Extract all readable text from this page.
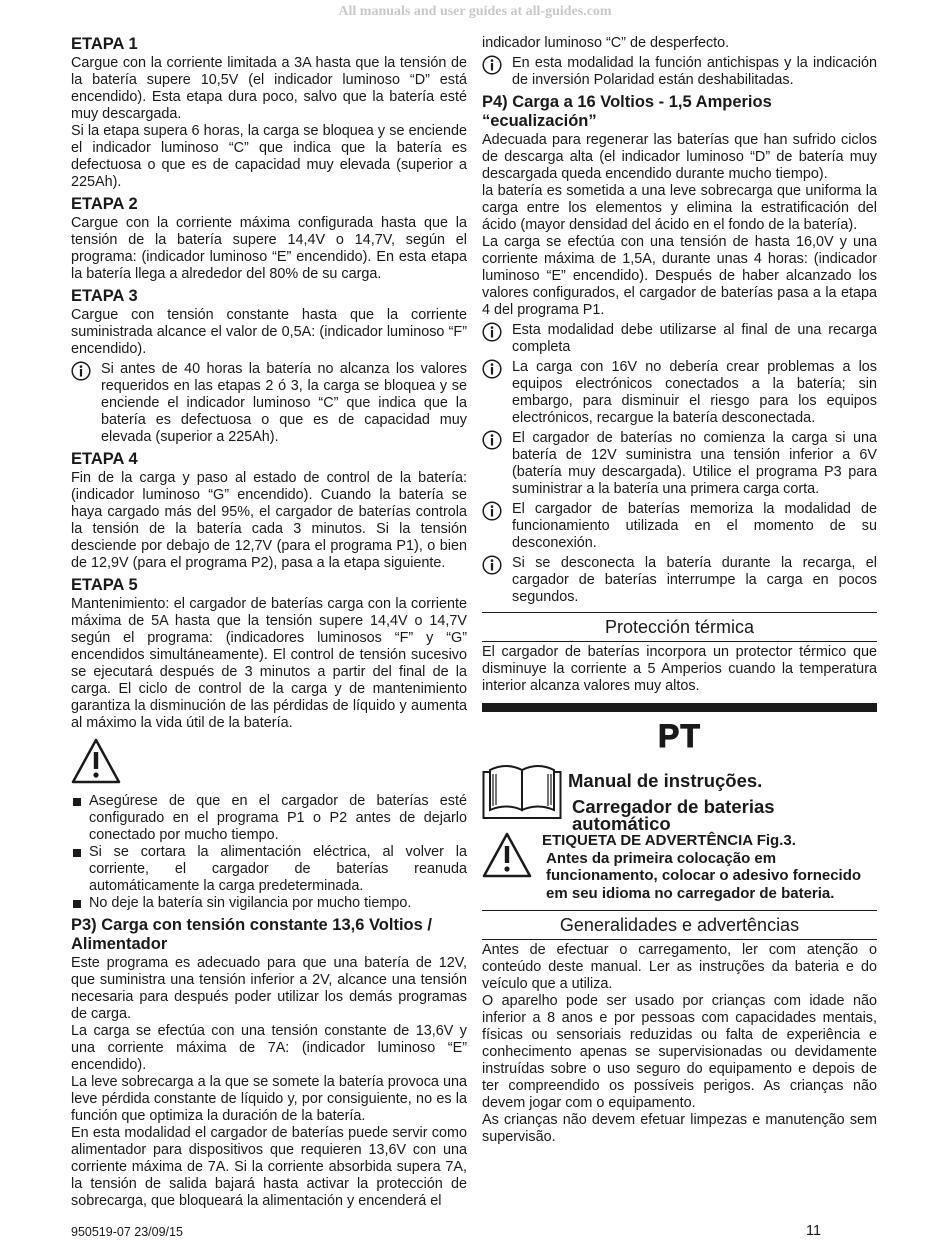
All manuals and user guides at all-guides.com
ETAPA 1

Cargue con la corriente limitada a 3A hasta que la tensión de la batería supere 10,5V (el indicador luminoso “D” está encendido). Esta etapa dura poco, salvo que la batería esté muy descargada.

Si la etapa supera 6 horas, la carga se bloquea y se enciende el indicador luminoso “C” que indica que la batería es defectuosa o que es de capacidad muy elevada (superior a 225Ah).

ETAPA 2

Cargue con la corriente máxima configurada hasta que la tensión de la batería supere 14,4V o 14,7V, según el programa: (indicador luminoso “E” encendido). En esta etapa la batería llega a alrededor del 80% de su carga.

ETAPA 3

Cargue con tensión constante hasta que la corriente suministrada alcance el valor de 0,5A: (indicador luminoso “F” encendido).

Si antes de 40 horas la batería no alcanza los valores requeridos en las etapas 2 ó 3, la carga se bloquea y se enciende el indicador luminoso “C” que indica que la batería es defectuosa o que es de capacidad muy elevada (superior a 225Ah).
ETAPA 4

Fin de la carga y paso al estado de control de la batería: (indicador luminoso “G” encendido). Cuando la batería se haya cargado más del 95%, el cargador de baterías controla la tensión de la batería cada 3 minutos. Si la tensión desciende por debajo de 12,7V (para el programa P1), o bien de 12,9V (para el programa P2), pasa a la etapa siguiente.

ETAPA 5

Mantenimiento: el cargador de baterías carga con la corriente máxima de 5A hasta que la tensión supere 14,4V o 14,7V según el programa: (indicadores luminosos “F” y “G” encendidos simultáneamente). El control de tensión sucesivo se ejecutará después de 3 minutos a partir del final de la carga. El ciclo de control de la carga y de mantenimiento garantiza la disminución de las pérdidas de líquido y aumenta al máximo la vida útil de la batería.

Asegúrese de que en el cargador de baterías esté configurado en el programa P1 o P2 antes de dejarlo conectado por mucho tiempo.
Si se cortara la alimentación eléctrica, al volver la corriente, el cargador de baterías reanuda automáticamente la carga predeterminada.
No deje la batería sin vigilancia por mucho tiempo.
P3) Carga con tensión constante 13,6 Voltios / Alimentador

Este programa es adecuado para que una batería de 12V, que suministra una tensión inferior a 2V, alcance una tensión necesaria para después poder utilizar los demás programas de carga.

La carga se efectúa con una tensión constante de 13,6V y una corriente máxima de 7A: (indicador luminoso “E” encendido).

La leve sobrecarga a la que se somete la batería provoca una leve pérdida constante de líquido y, por consiguiente, no es la función que optimiza la duración de la batería.

En esta modalidad el cargador de baterías puede servir como alimentador para dispositivos que requieren 13,6V con una corriente máxima de 7A. Si la corriente absorbida supera 7A, la tensión de salida bajará hasta activar la protección de sobrecarga, que bloqueará la alimentación y encenderá el

indicador luminoso “C” de desperfecto.

En esta modalidad la función antichispas y la indicación de inversión Polaridad están deshabilitadas.
P4) Carga a 16 Voltios - 1,5 Amperios “ecualización”

Adecuada para regenerar las baterías que han sufrido ciclos de descarga alta (el indicador luminoso “D” de batería muy descargada queda encendido durante mucho tiempo).

la batería es sometida a una leve sobrecarga que uniforma la carga entre los elementos y elimina la estratificación del ácido (mayor densidad del ácido en el fondo de la batería).

La carga se efectúa con una tensión de hasta 16,0V y una corriente máxima de 1,5A, durante unas 4 horas: (indicador luminoso “E” encendido). Después de haber alcanzado los valores configurados, el cargador de baterías pasa a la etapa 4 del programa P1.

Esta modalidad debe utilizarse al final de una recarga completa
La carga con 16V no debería crear problemas a los equipos electrónicos conectados a la batería; sin embargo, para disminuir el riesgo para los equipos electrónicos, recargue la batería desconectada.
El cargador de baterías no comienza la carga si una batería de 12V suministra una tensión inferior a 6V (batería muy descargada). Utilice el programa P3 para suministrar a la batería una primera carga corta.
El cargador de baterías memoriza la modalidad de funcionamiento utilizada en el momento de su desconexión.
Si se desconecta la batería durante la recarga, el cargador de baterías interrumpe la carga en pocos segundos.
Protección térmica

El cargador de baterías incorpora un protector térmico que disminuye la corriente a 5 Amperios cuando la temperatura interior alcanza valores muy altos.

PT
Manual de instruções.
Carregador de baterias automático
ETIQUETA DE ADVERTÊNCIA Fig.3.
Antes da primeira colocação em funcionamento, colocar o adesivo fornecido em seu idioma no carregador de bateria.
Generalidades e advertências

Antes de efectuar o carregamento, ler com atenção o conteúdo deste manual. Ler as instruções da bateria e do veículo que a utiliza.

O aparelho pode ser usado por crianças com idade não inferior a 8 anos e por pessoas com capacidades mentais, físicas ou sensoriais reduzidas ou falta de experiência e conhecimento apenas se supervisionadas ou devidamente instruídas sobre o uso seguro do equipamento e depois de ter compreendido os possíveis perigos. As crianças não devem jogar com o equipamento.

As crianças não devem efetuar limpezas e manutenção sem supervisão.

950519-07 23/09/15	11
